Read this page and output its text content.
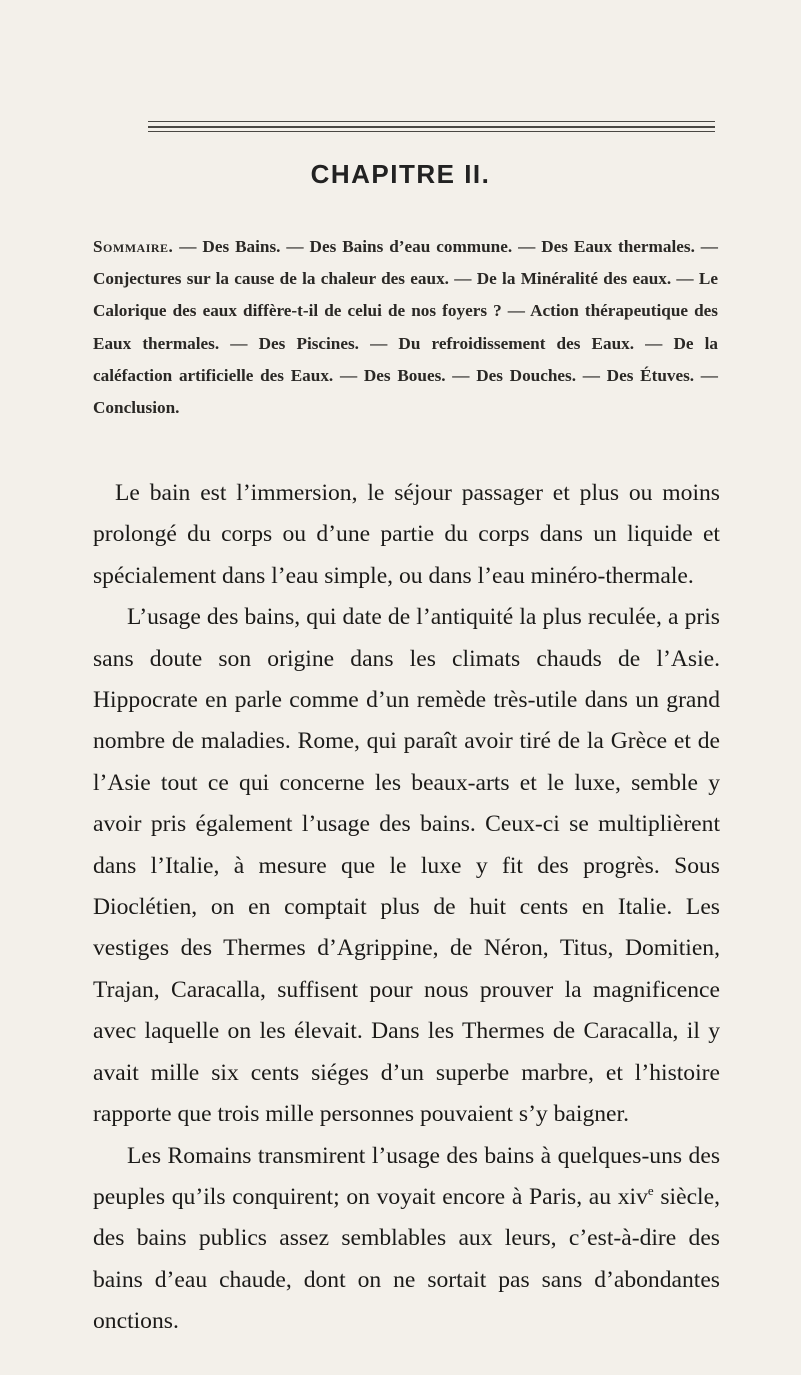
CHAPITRE II.
Sommaire. — Des Bains. — Des Bains d’eau commune. — Des Eaux thermales. — Conjectures sur la cause de la chaleur des eaux. — De la Minéralité des eaux. — Le Calorique des eaux diffère-t-il de celui de nos foyers ? — Action thérapeutique des Eaux thermales. — Des Piscines. — Du refroidissement des Eaux. — De la caléfaction artificielle des Eaux. — Des Boues. — Des Douches. — Des Étuves. — Conclusion.

Le bain est l’immersion, le séjour passager et plus ou moins prolongé du corps ou d’une partie du corps dans un liquide et spécialement dans l’eau simple, ou dans l’eau minéro-thermale.

L’usage des bains, qui date de l’antiquité la plus reculée, a pris sans doute son origine dans les climats chauds de l’Asie. Hippocrate en parle comme d’un remède très-utile dans un grand nombre de maladies. Rome, qui paraît avoir tiré de la Grèce et de l’Asie tout ce qui concerne les beaux-arts et le luxe, semble y avoir pris également l’usage des bains. Ceux-ci se multiplièrent dans l’Italie, à mesure que le luxe y fit des progrès. Sous Dioclétien, on en comptait plus de huit cents en Italie. Les vestiges des Thermes d’Agrippine, de Néron, Titus, Domitien, Trajan, Caracalla, suffisent pour nous prouver la magnificence avec laquelle on les élevait. Dans les Thermes de Caracalla, il y avait mille six cents siéges d’un superbe marbre, et l’histoire rapporte que trois mille personnes pouvaient s’y baigner.

Les Romains transmirent l’usage des bains à quelques-uns des peuples qu’ils conquirent; on voyait encore à Paris, au xiv$^e$ siècle, des bains publics assez semblables aux leurs, c’est-à-dire des bains d’eau chaude, dont on ne sortait pas sans d’abondantes onctions.
